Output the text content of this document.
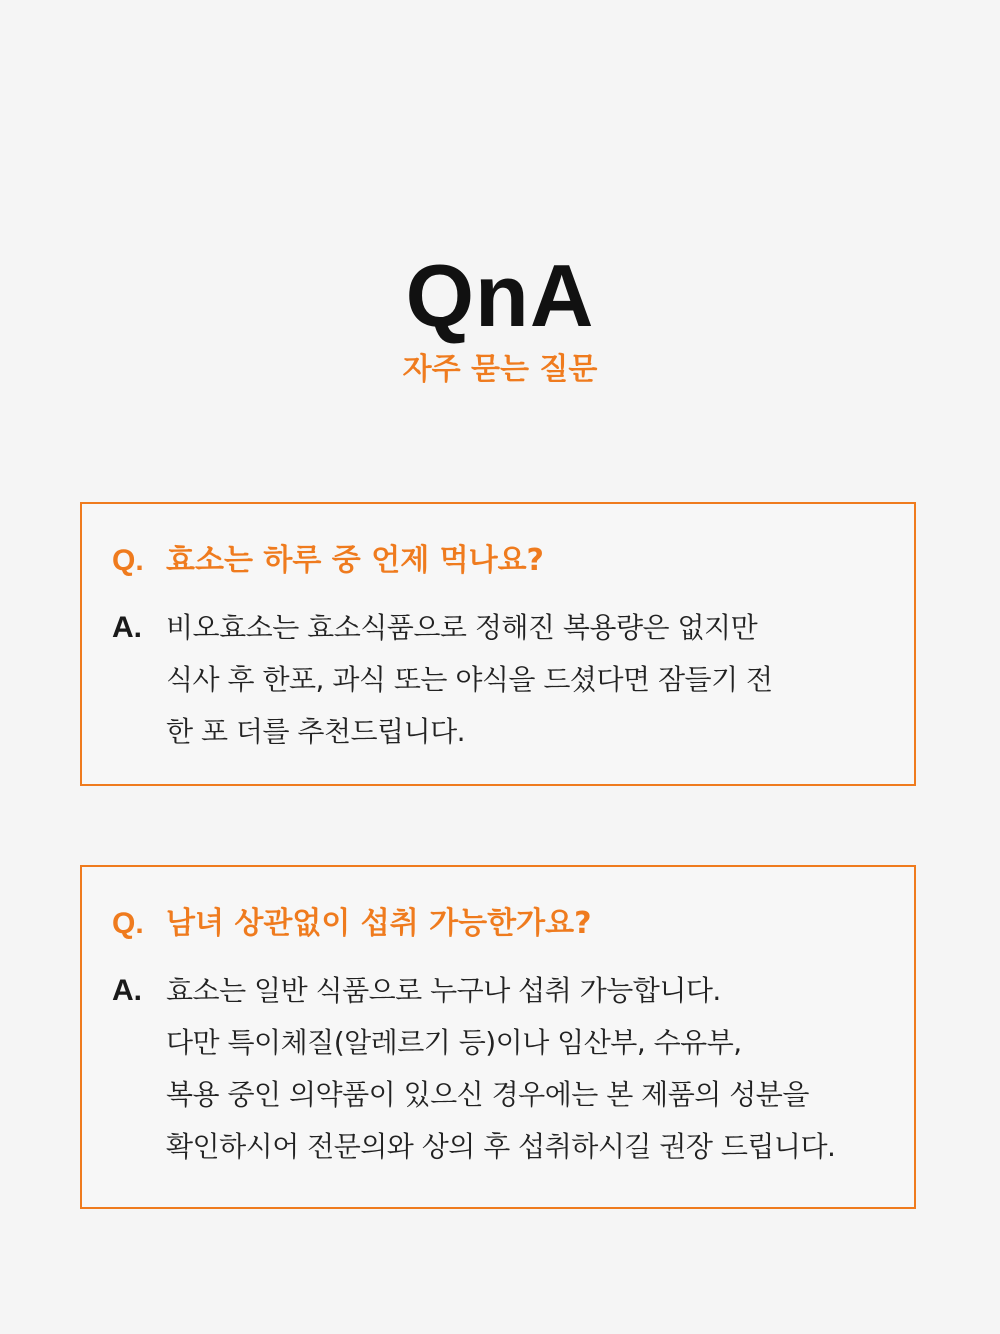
QnA
자주 묻는 질문
Q. 효소는 하루 중 언제 먹나요?
A. 비오효소는 효소식품으로 정해진 복용량은 없지만
식사 후 한포, 과식 또는 야식을 드셨다면 잠들기 전
한 포 더를 추천드립니다.
Q. 남녀 상관없이 섭취 가능한가요?
A. 효소는 일반 식품으로 누구나 섭취 가능합니다.
다만 특이체질(알레르기 등)이나 임산부, 수유부,
복용 중인 의약품이 있으신 경우에는 본 제품의 성분을
확인하시어 전문의와 상의 후 섭취하시길 권장 드립니다.
